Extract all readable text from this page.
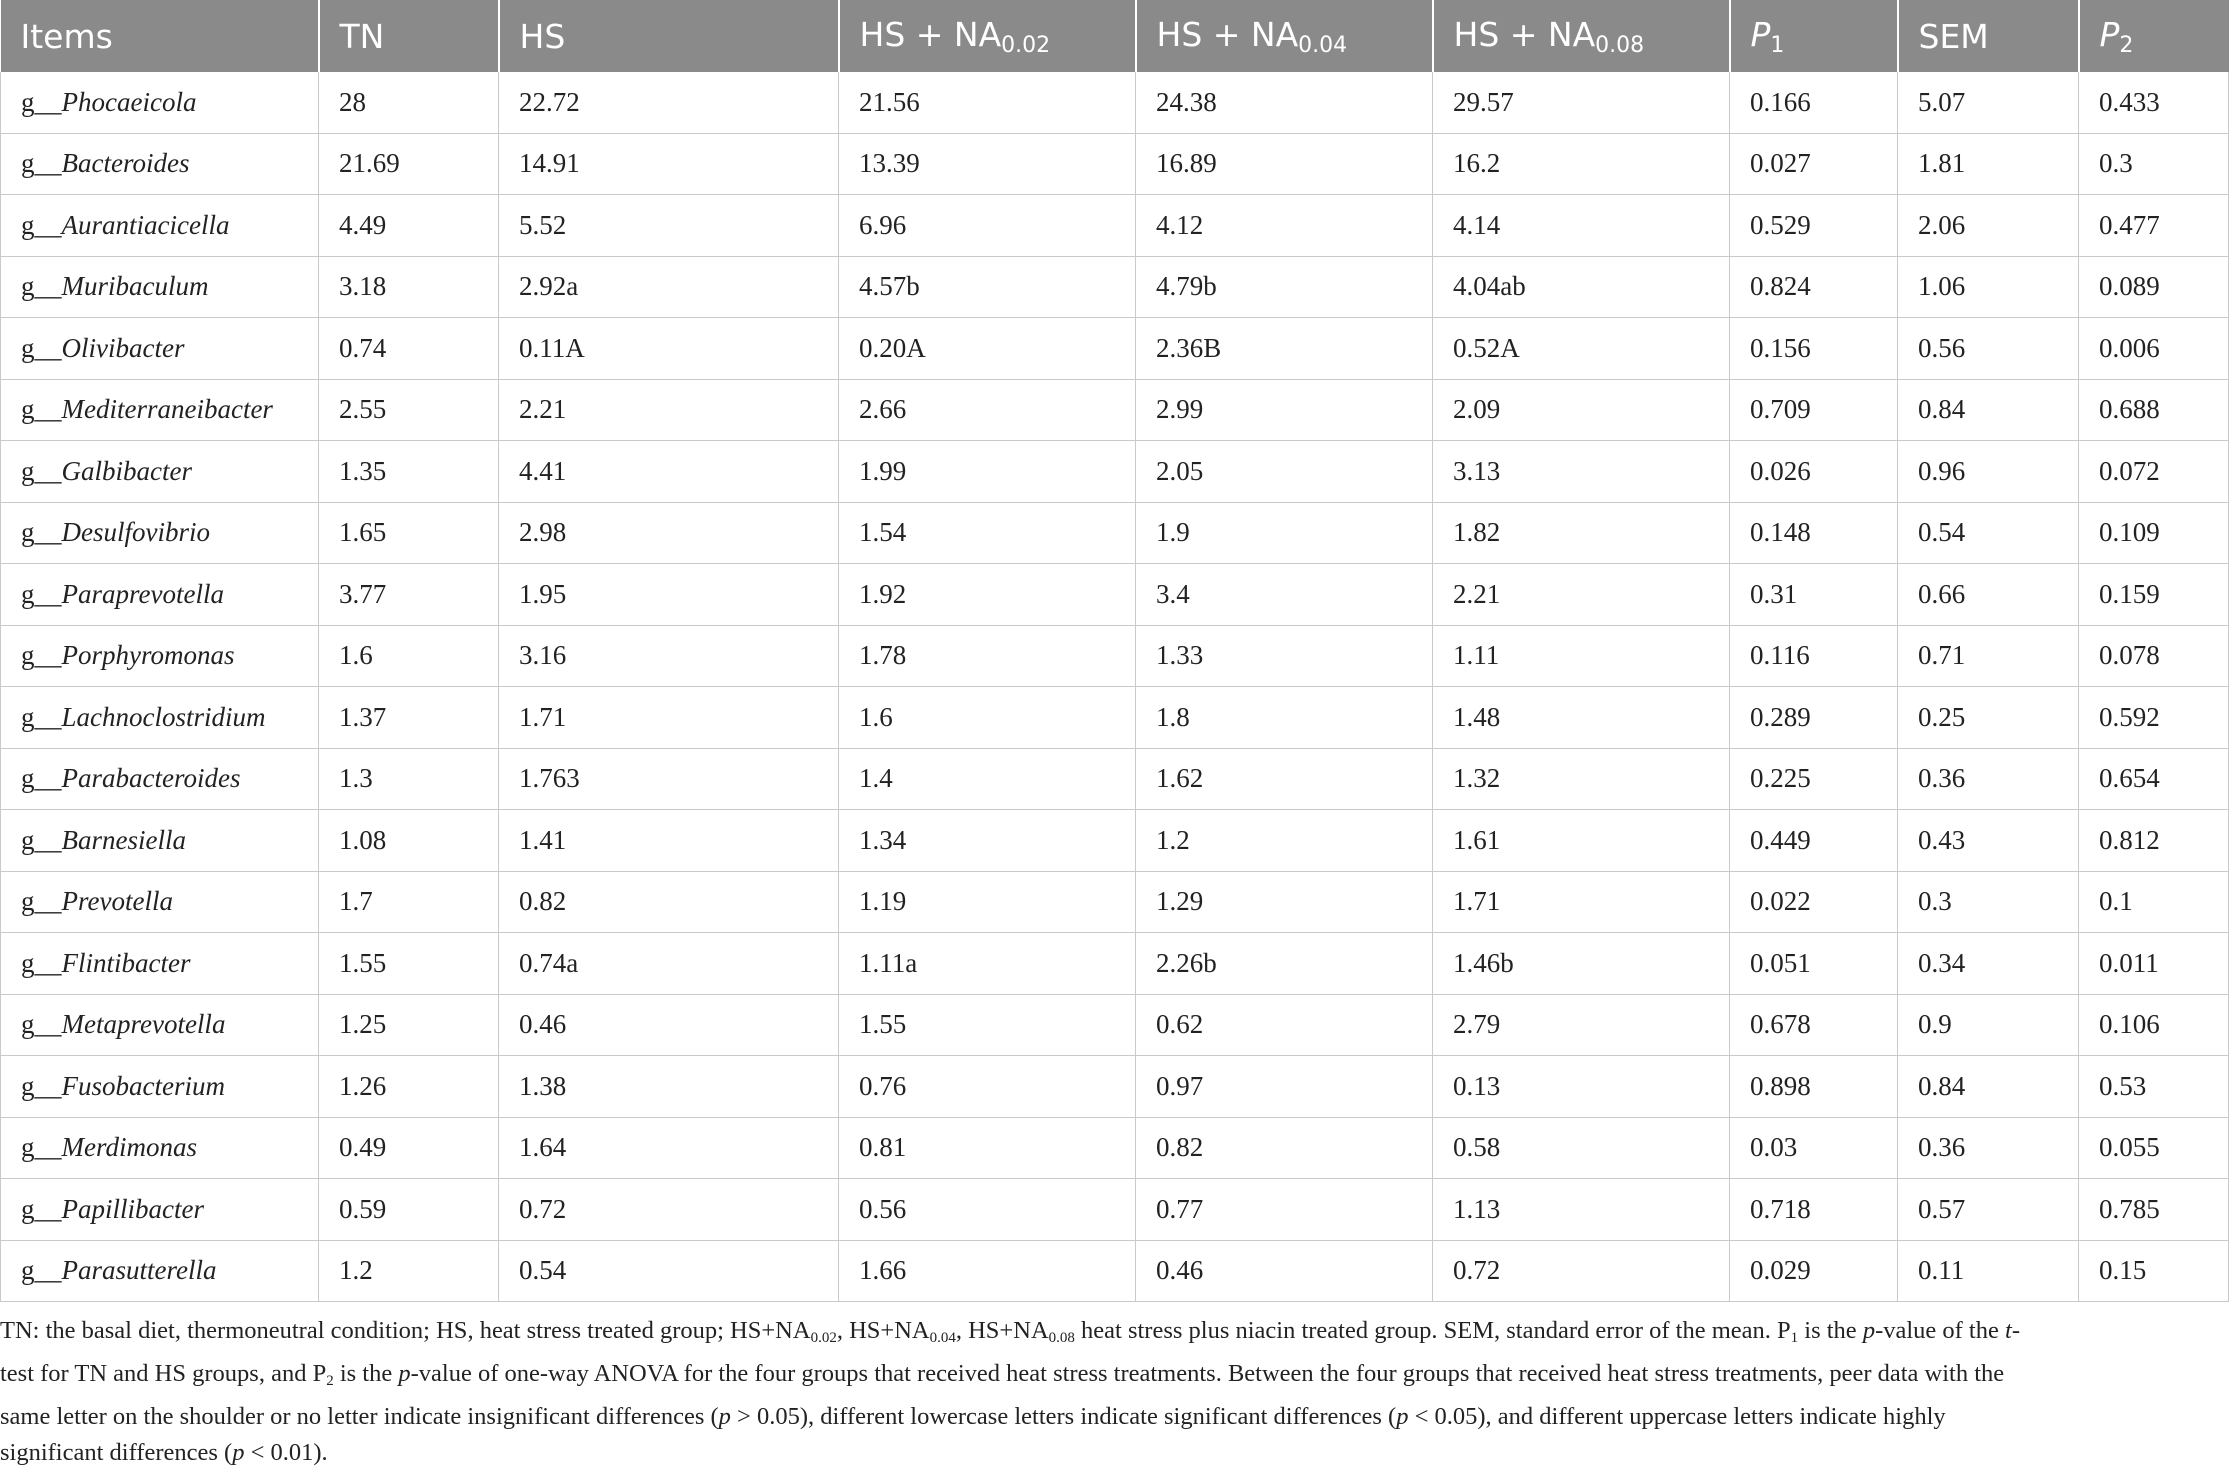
Items	TN	HS	HS + $NA_{0.02}$	HS + $NA_{0.04}$	HS + $NA_{0.08}$	$P_1$	SEM	$P_2$
g__Phocaeicola	28	22.72	21.56	24.38	29.57	0.166	5.07	0.433
g__Bacteroides	21.69	14.91	13.39	16.89	16.2	0.027	1.81	0.3
g__Aurantiacicella	4.49	5.52	6.96	4.12	4.14	0.529	2.06	0.477
g__Muribaculum	3.18	2.92a	4.57b	4.79b	4.04ab	0.824	1.06	0.089
g__Olivibacter	0.74	0.11A	0.20A	2.36B	0.52A	0.156	0.56	0.006
g__Mediterraneibacter	2.55	2.21	2.66	2.99	2.09	0.709	0.84	0.688
g__Galbibacter	1.35	4.41	1.99	2.05	3.13	0.026	0.96	0.072
g__Desulfovibrio	1.65	2.98	1.54	1.9	1.82	0.148	0.54	0.109
g__Paraprevotella	3.77	1.95	1.92	3.4	2.21	0.31	0.66	0.159
g__Porphyromonas	1.6	3.16	1.78	1.33	1.11	0.116	0.71	0.078
g__Lachnoclostridium	1.37	1.71	1.6	1.8	1.48	0.289	0.25	0.592
g__Parabacteroides	1.3	1.763	1.4	1.62	1.32	0.225	0.36	0.654
g__Barnesiella	1.08	1.41	1.34	1.2	1.61	0.449	0.43	0.812
g__Prevotella	1.7	0.82	1.19	1.29	1.71	0.022	0.3	0.1
g__Flintibacter	1.55	0.74a	1.11a	2.26b	1.46b	0.051	0.34	0.011
g__Metaprevotella	1.25	0.46	1.55	0.62	2.79	0.678	0.9	0.106
g__Fusobacterium	1.26	1.38	0.76	0.97	0.13	0.898	0.84	0.53
g__Merdimonas	0.49	1.64	0.81	0.82	0.58	0.03	0.36	0.055
g__Papillibacter	0.59	0.72	0.56	0.77	1.13	0.718	0.57	0.785
g__Parasutterella	1.2	0.54	1.66	0.46	0.72	0.029	0.11	0.15
TN: the basal diet, thermoneutral condition; HS, heat stress treated group; $HS+NA_{0.02}$, $HS+NA_{0.04}$, $HS+NA_{0.08}$ heat stress plus niacin treated group. SEM, standard error of the mean. $P_1$ is the p-value of the t-test for TN and HS groups, and $P_2$ is the p-value of one-way ANOVA for the four groups that received heat stress treatments. Between the four groups that received heat stress treatments, peer data with the same letter on the shoulder or no letter indicate insignificant differences (p > 0.05), different lowercase letters indicate significant differences (p < 0.05), and different uppercase letters indicate highly significant differences (p < 0.01).
